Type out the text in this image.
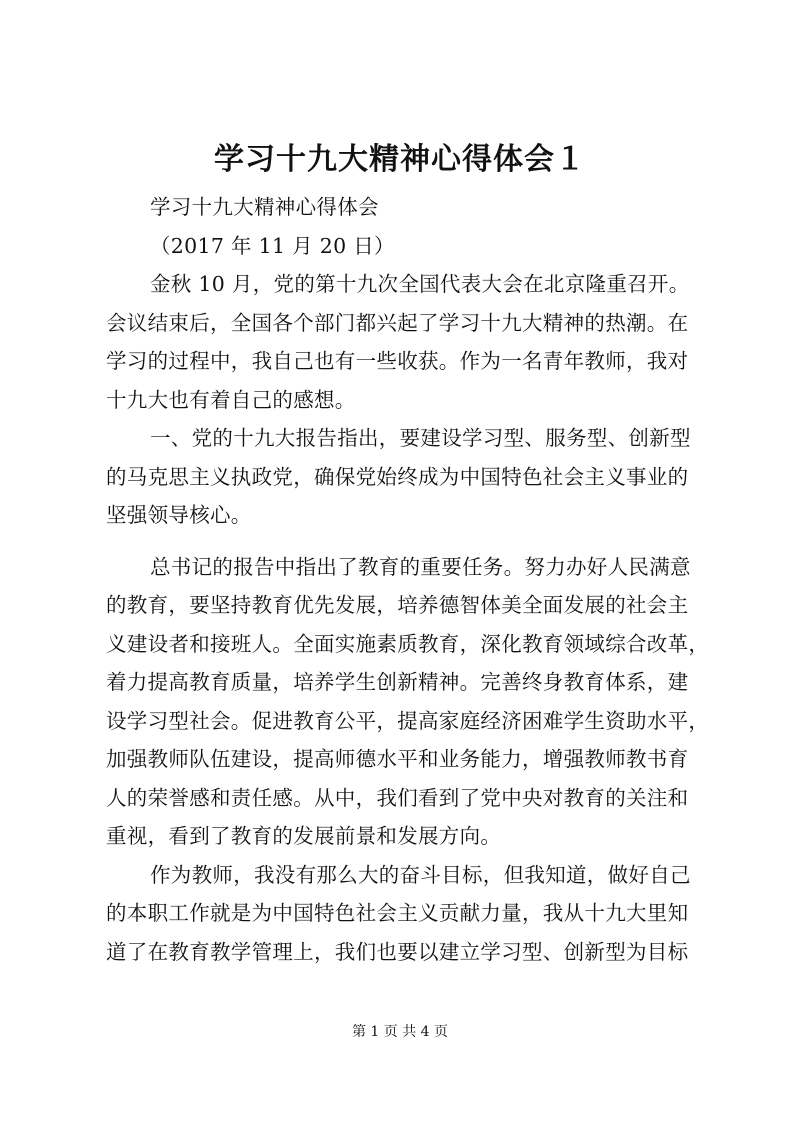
学习十九大精神心得体会１
学习十九大精神心得体会
（2017 年 11 月 20 日）
金秋 10 月，党的第十九次全国代表大会在北京隆重召开。
会议结束后，全国各个部门都兴起了学习十九大精神的热潮。在
学习的过程中，我自己也有一些收获。作为一名青年教师，我对
十九大也有着自己的感想。
一、党的十九大报告指出，要建设学习型、服务型、创新型
的马克思主义执政党，确保党始终成为中国特色社会主义事业的
坚强领导核心。
总书记的报告中指出了教育的重要任务。努力办好人民满意
的教育，要坚持教育优先发展，培养德智体美全面发展的社会主
义建设者和接班人。全面实施素质教育，深化教育领域综合改革，
着力提高教育质量，培养学生创新精神。完善终身教育体系，建
设学习型社会。促进教育公平，提高家庭经济困难学生资助水平，
加强教师队伍建设，提高师德水平和业务能力，增强教师教书育
人的荣誉感和责任感。从中，我们看到了党中央对教育的关注和
重视，看到了教育的发展前景和发展方向。
作为教师，我没有那么大的奋斗目标，但我知道，做好自己
的本职工作就是为中国特色社会主义贡献力量，我从十九大里知
道了在教育教学管理上，我们也要以建立学习型、创新型为目标
第 1 页 共 4 页
